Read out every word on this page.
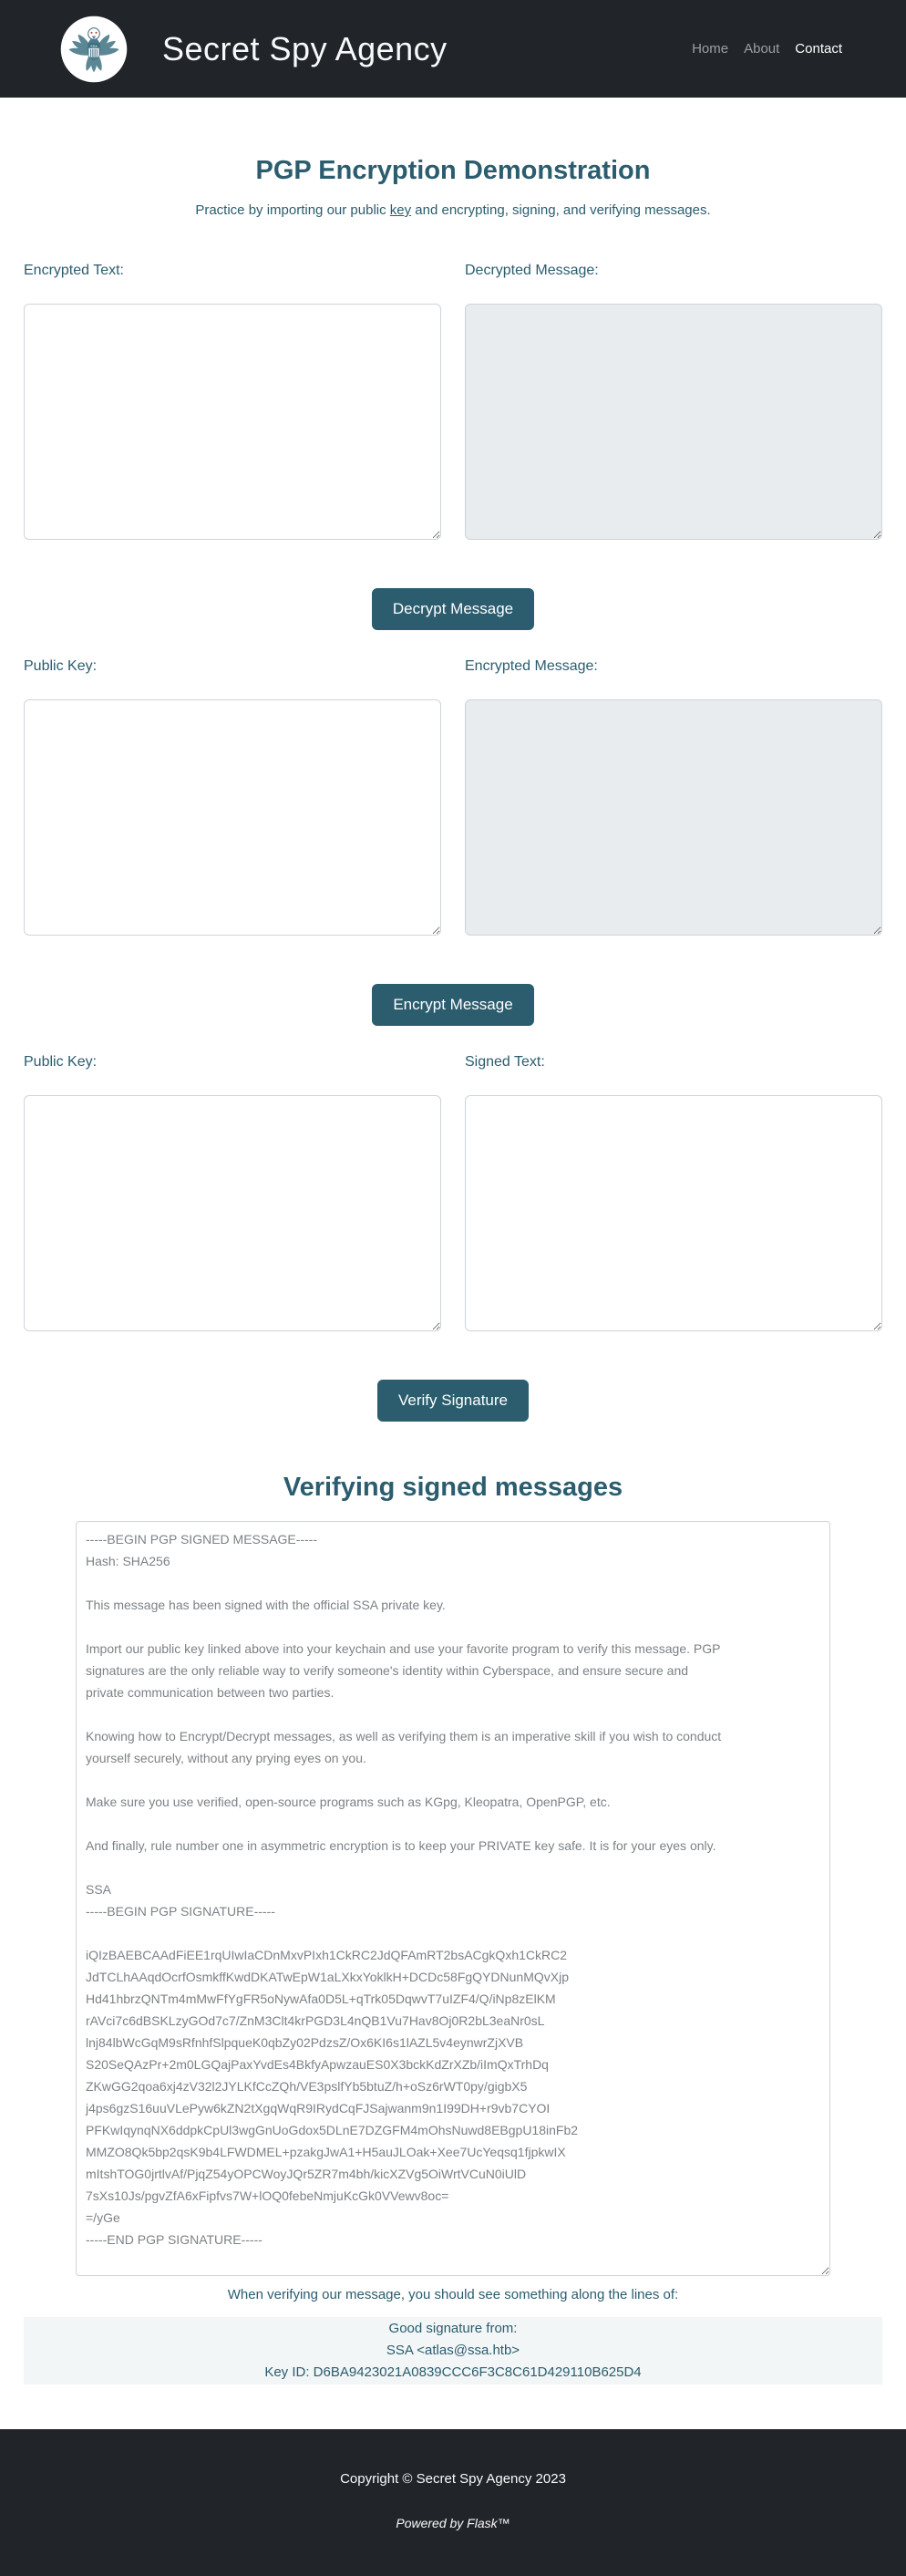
SSA Secret Spy Agency	Home About Contact
PGP Encryption Demonstration

Practice by importing our public key and encrypting, signing, and verifying messages.

Encrypted Text:	Decrypted Message:
Decrypt Message
Public Key:	Encrypted Message:
Encrypt Message
Public Key:	Signed Text:
Verify Signature
Verifying signed messages
-----BEGIN PGP SIGNED MESSAGE----- Hash: SHA256 This message has been signed with the official SSA private key. Import our public key linked above into your keychain and use your favorite program to verify this message. PGP signatures are the only reliable way to verify someone's identity within Cyberspace, and ensure secure and private communication between two parties. Knowing how to Encrypt/Decrypt messages, as well as verifying them is an imperative skill if you wish to conduct yourself securely, without any prying eyes on you. Make sure you use verified, open-source programs such as KGpg, Kleopatra, OpenPGP, etc. And finally, rule number one in asymmetric encryption is to keep your PRIVATE key safe. It is for your eyes only. SSA -----BEGIN PGP SIGNATURE----- iQIzBAEBCAAdFiEE1rqUIwIaCDnMxvPIxh1CkRC2JdQFAmRT2bsACgkQxh1CkRC2 JdTCLhAAqdOcrfOsmkffKwdDKATwEpW1aLXkxYoklkH+DCDc58FgQYDNunMQvXjp Hd41hbrzQNTm4mMwFfYgFR5oNywAfa0D5L+qTrk05DqwvT7uIZF4/Q/iNp8zElKM rAVci7c6dBSKLzyGOd7c7/ZnM3Clt4krPGD3L4nQB1Vu7Hav8Oj0R2bL3eaNr0sL lnj84lbWcGqM9sRfnhfSlpqueK0qbZy02PdzsZ/Ox6KI6s1lAZL5v4eynwrZjXVB S20SeQAzPr+2m0LGQajPaxYvdEs4BkfyApwzauES0X3bckKdZrXZb/iImQxTrhDq ZKwGG2qoa6xj4zV32l2JYLKfCcZQh/VE3pslfYb5btuZ/h+oSz6rWT0py/gigbX5 j4ps6gzS16uuVLePyw6kZN2tXgqWqR9IRydCqFJSajwanm9n1I99DH+r9vb7CYOI PFKwIqynqNX6ddpkCpUl3wgGnUoGdox5DLnE7DZGFM4mOhsNuwd8EBgpU18inFb2 MMZO8Qk5bp2qsK9b4LFWDMEL+pzakgJwA1+H5auJLOak+Xee7UcYeqsq1fjpkwIX mItshTOG0jrtlvAf/PjqZ54yOPCWoyJQr5ZR7m4bh/kicXZVg5OiWrtVCuN0iUlD 7sXs10Js/pgvZfA6xFipfvs7W+lOQ0febeNmjuKcGk0VVewv8oc= =/yGe -----END PGP SIGNATURE-----

When verifying our message, you should see something along the lines of:

Good signature from:
SSA <atlas@ssa.htb>
Key ID: D6BA9423021A0839CCC6F3C8C61D429110B625D4
Copyright © Secret Spy Agency 2023
Powered by Flask™
